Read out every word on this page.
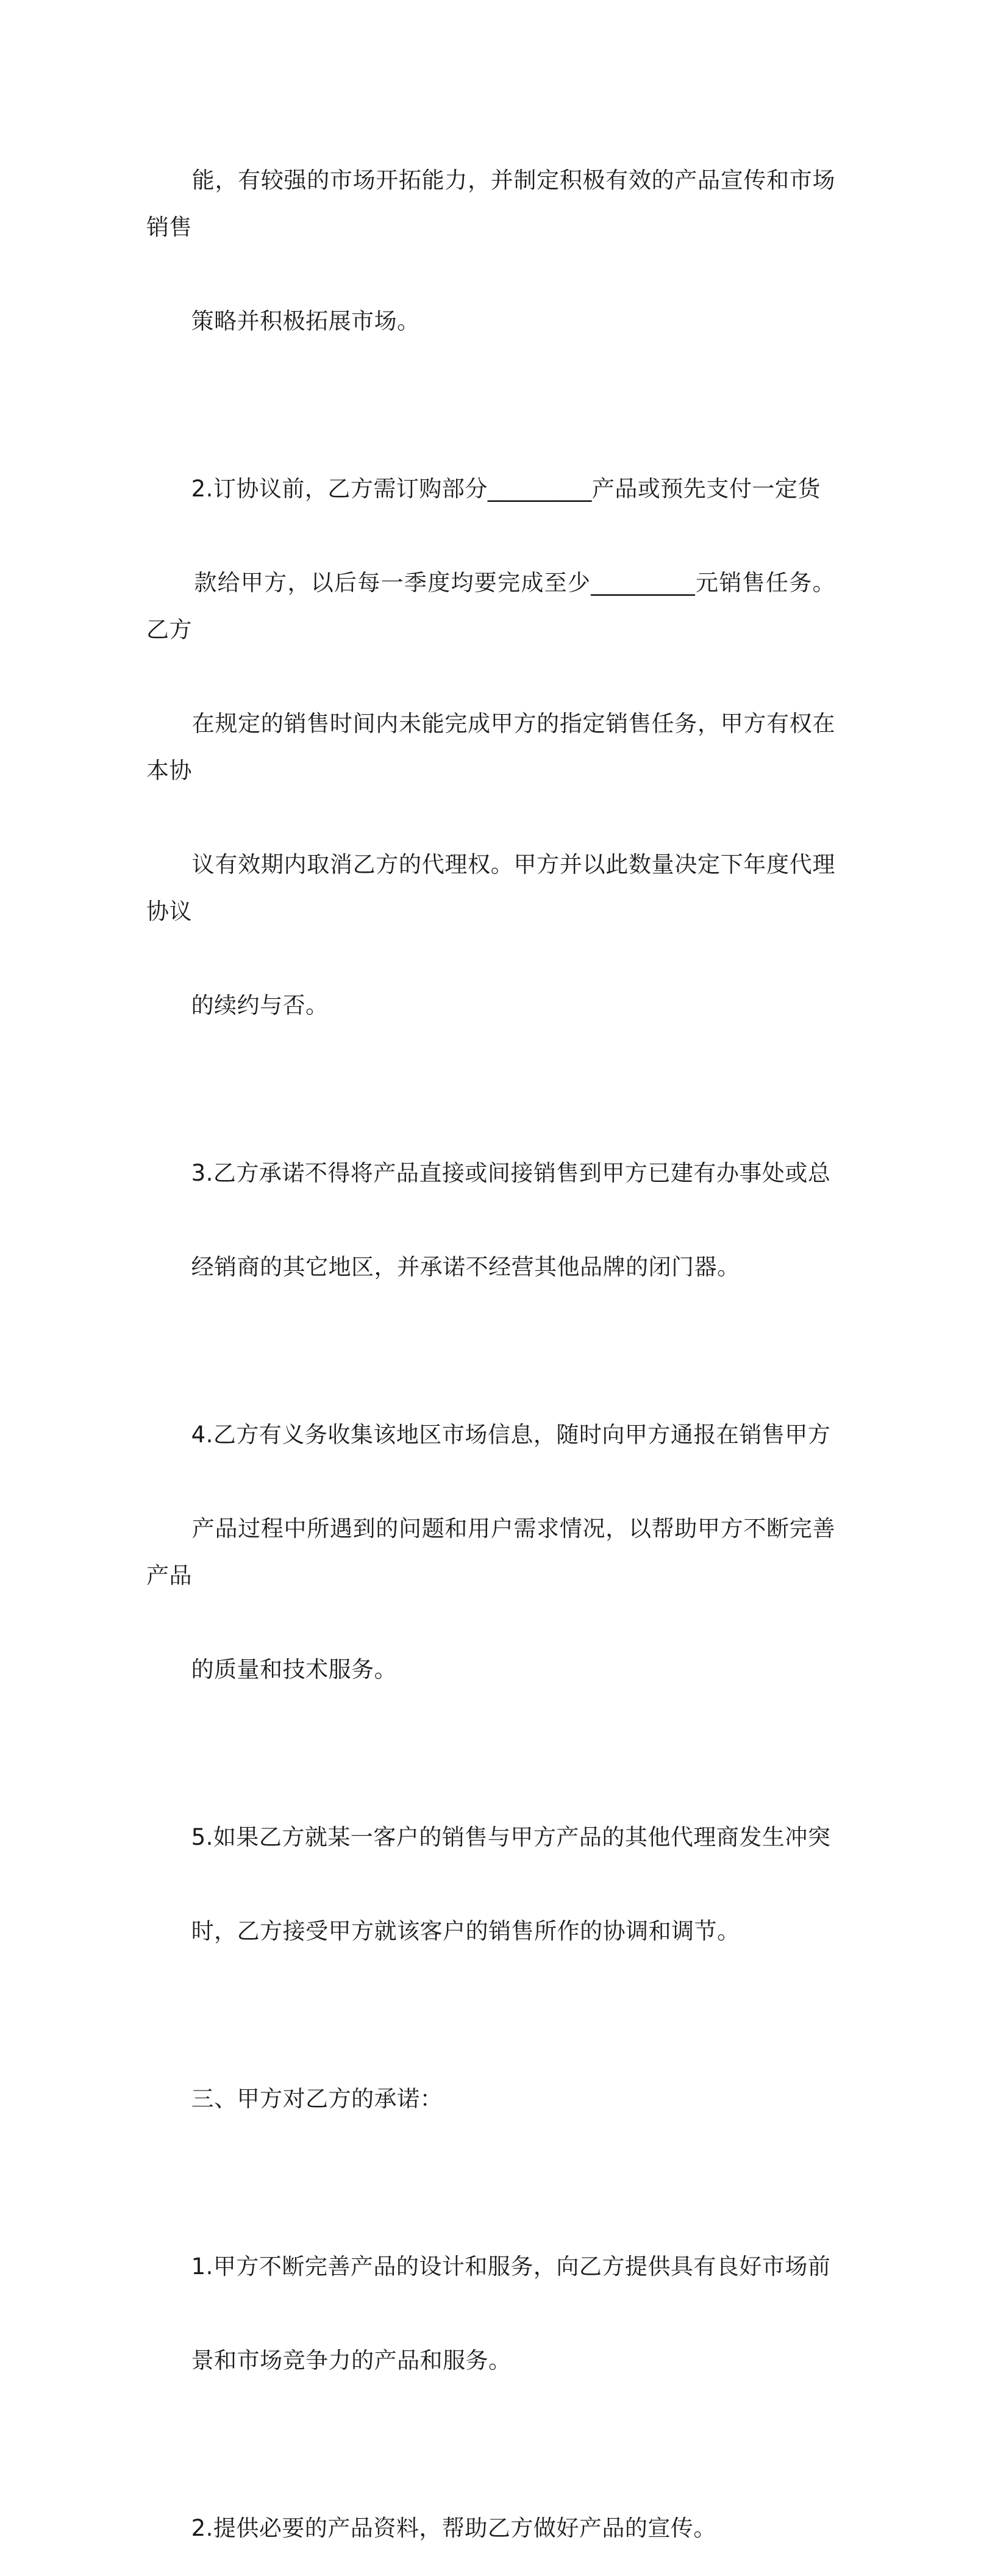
能，有较强的市场开拓能力，并制定积极有效的产品宣传和市场销售

策略并积极拓展市场。

2.订协议前，乙方需订购部分_________产品或预先支付一定货

款给甲方，以后每一季度均要完成至少_________元销售任务。乙方

在规定的销售时间内未能完成甲方的指定销售任务，甲方有权在本协

议有效期内取消乙方的代理权。甲方并以此数量决定下年度代理协议

的续约与否。

3.乙方承诺不得将产品直接或间接销售到甲方已建有办事处或总

经销商的其它地区，并承诺不经营其他品牌的闭门器。

4.乙方有义务收集该地区市场信息，随时向甲方通报在销售甲方

产品过程中所遇到的问题和用户需求情况，以帮助甲方不断完善产品

的质量和技术服务。

5.如果乙方就某一客户的销售与甲方产品的其他代理商发生冲突

时，乙方接受甲方就该客户的销售所作的协调和调节。

三、甲方对乙方的承诺：

1.甲方不断完善产品的设计和服务，向乙方提供具有良好市场前

景和市场竞争力的产品和服务。

2.提供必要的产品资料，帮助乙方做好产品的宣传。
